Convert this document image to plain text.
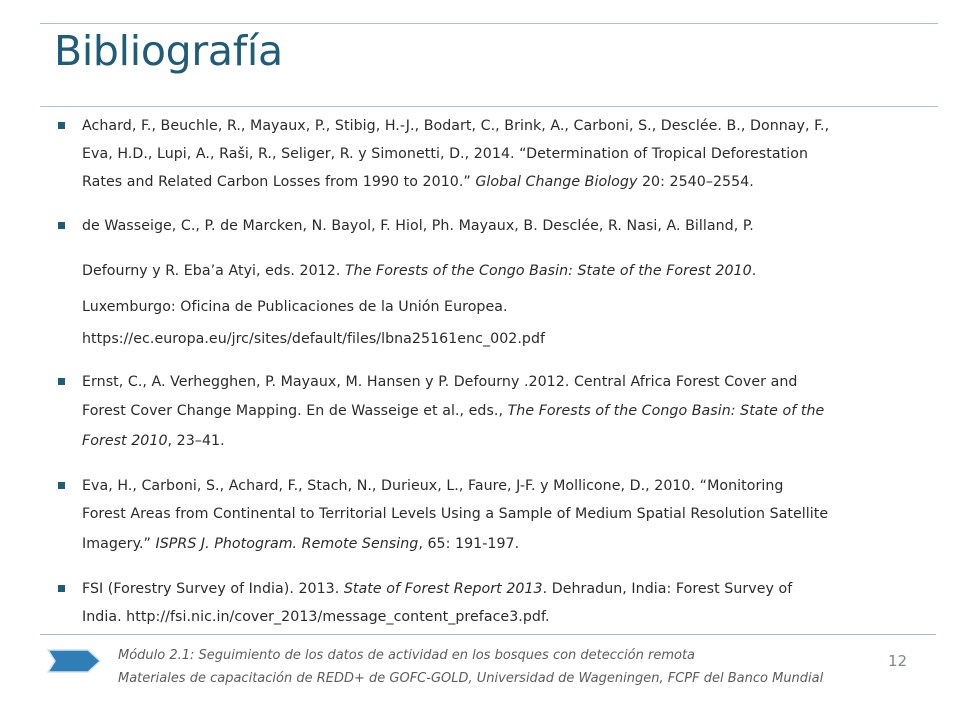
Bibliografía

Achard, F., Beuchle, R., Mayaux, P., Stibig, H.-J., Bodart, C., Brink, A., Carboni, S., Desclée. B., Donnay, F.,

Eva, H.D., Lupi, A., Raši, R., Seliger, R. y Simonetti, D., 2014. “Determination of Tropical Deforestation

Rates and Related Carbon Losses from 1990 to 2010.” Global Change Biology 20: 2540–2554.

de Wasseige, C., P. de Marcken, N. Bayol, F. Hiol, Ph. Mayaux, B. Desclée, R. Nasi, A. Billand, P.

Defourny y R. Eba’a Atyi, eds. 2012. The Forests of the Congo Basin: State of the Forest 2010.

Luxemburgo: Oficina de Publicaciones de la Unión Europea.

https://ec.europa.eu/jrc/sites/default/files/lbna25161enc_002.pdf

Ernst, C., A. Verhegghen, P. Mayaux, M. Hansen y P. Defourny .2012. Central Africa Forest Cover and

Forest Cover Change Mapping. En de Wasseige et al., eds., The Forests of the Congo Basin: State of the

Forest 2010, 23–41.

Eva, H., Carboni, S., Achard, F., Stach, N., Durieux, L., Faure, J-F. y Mollicone, D., 2010. “Monitoring

Forest Areas from Continental to Territorial Levels Using a Sample of Medium Spatial Resolution Satellite

Imagery.” ISPRS J. Photogram. Remote Sensing, 65: 191-197.

FSI (Forestry Survey of India). 2013. State of Forest Report 2013. Dehradun, India: Forest Survey of

India. http://fsi.nic.in/cover_2013/message_content_preface3.pdf.

Módulo 2.1: Seguimiento de los datos de actividad en los bosques con detección remota

Materiales de capacitación de REDD+ de GOFC-GOLD, Universidad de Wageningen, FCPF del Banco Mundial

12
